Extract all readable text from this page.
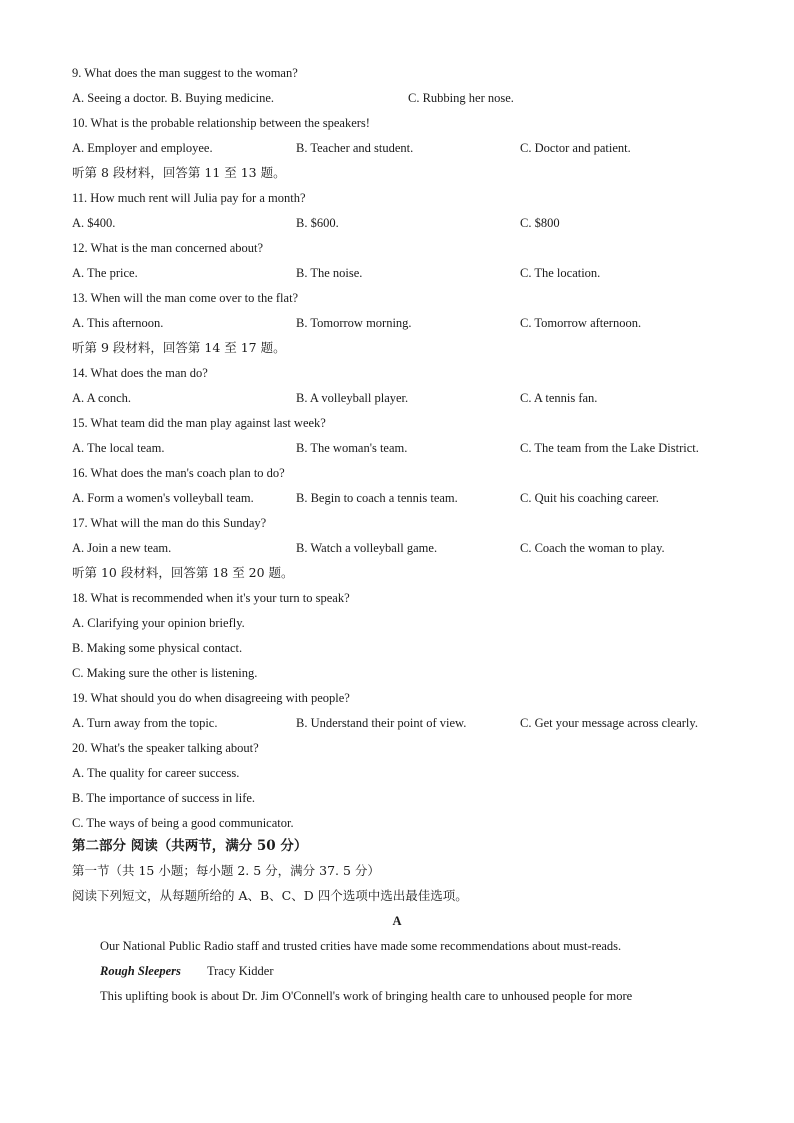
9. What does the man suggest to the woman?
A. Seeing a doctor. B. Buying medicine.	C. Rubbing her nose.
10. What is the probable relationship between the speakers!
A. Employer and employee.	B. Teacher and student.	C. Doctor and patient.
听第 8 段材料，回答第 11 至 13 题。
11. How much rent will Julia pay for a month?
A. $400.	B. $600.	C. $800
12. What is the man concerned about?
A. The price.	B. The noise.	C. The location.
13. When will the man come over to the flat?
A. This afternoon.	B. Tomorrow morning.	C. Tomorrow afternoon.
听第 9 段材料，回答第 14 至 17 题。
14. What does the man do?
A. A conch.	B. A volleyball player.	C. A tennis fan.
15. What team did the man play against last week?
A. The local team.	B. The woman's team.	C. The team from the Lake District.
16. What does the man's coach plan to do?
A. Form a women's volleyball team.	B. Begin to coach a tennis team.	C. Quit his coaching career.
17. What will the man do this Sunday?
A. Join a new team.	B. Watch a volleyball game.	C. Coach the woman to play.
听第 10 段材料，回答第 18 至 20 题。
18. What is recommended when it's your turn to speak?
A. Clarifying your opinion briefly.
B. Making some physical contact.
C. Making sure the other is listening.
19. What should you do when disagreeing with people?
A. Turn away from the topic.	B. Understand their point of view.	C. Get your message across clearly.
20. What's the speaker talking about?
A. The quality for career success.
B. The importance of success in life.
C. The ways of being a good communicator.
第二部分 阅读（共两节，满分 50 分）
第一节（共 15 小题；每小题 2. 5 分，满分 37. 5 分）
阅读下列短文，从每题所给的 A、B、C、D 四个选项中选出最佳选项。
A
Our National Public Radio staff and trusted crities have made some recommendations about must-reads.
Rough Sleepers Tracy Kidder
This uplifting book is about Dr. Jim O'Connell's work of bringing health care to unhoused people for more
